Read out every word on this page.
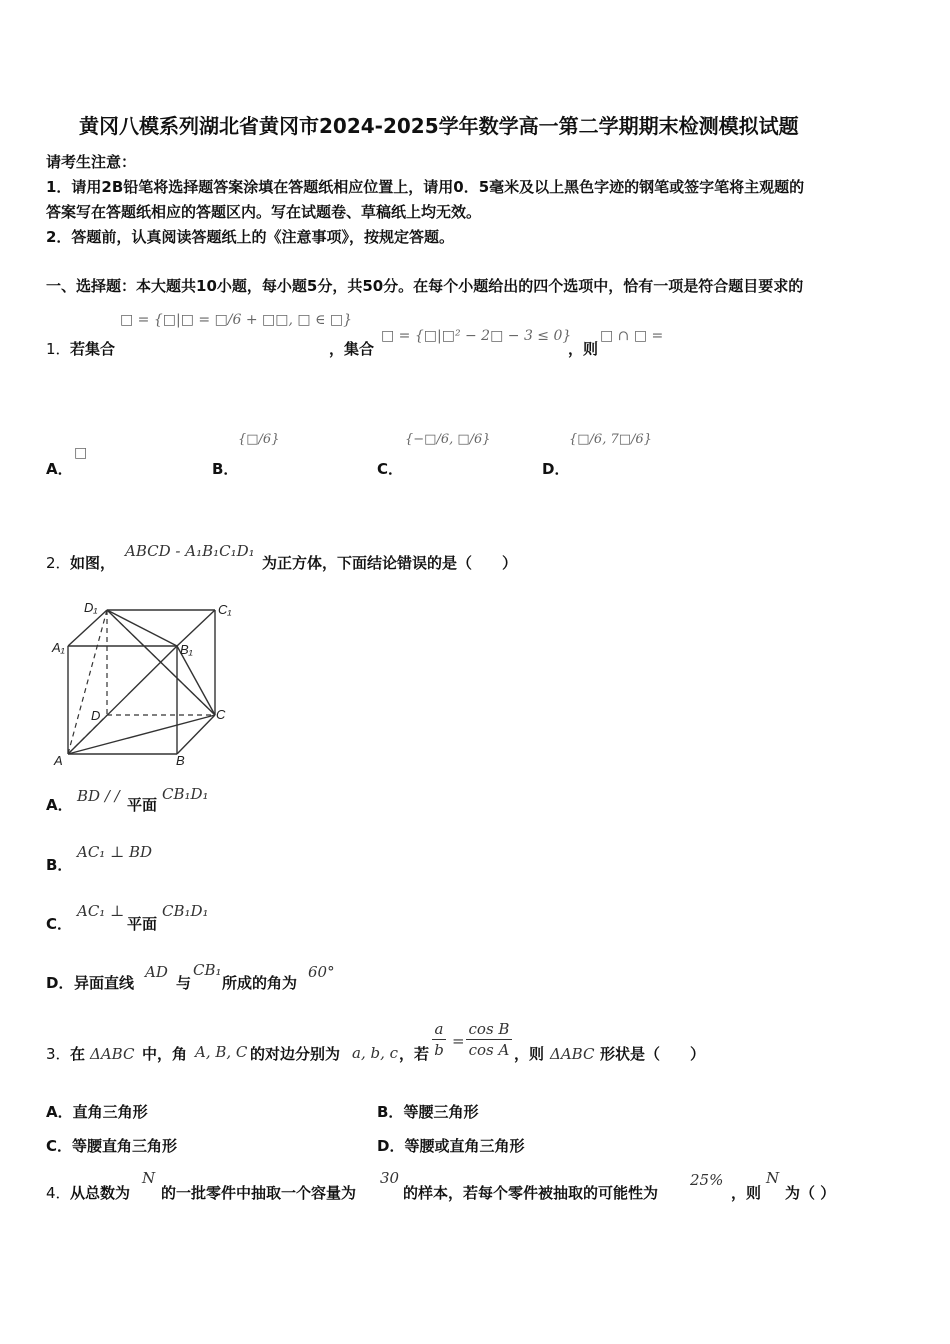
黄冈八模系列湖北省黄冈市2024-2025学年数学高一第二学期期末检测模拟试题
请考生注意：
1．请用2B铅笔将选择题答案涂填在答题纸相应位置上，请用0．5毫米及以上黑色字迹的钢笔或签字笔将主观题的
答案写在答题纸相应的答题区内。写在试题卷、草稿纸上均无效。
2．答题前，认真阅读答题纸上的《注意事项》，按规定答题。
一、选择题：本大题共10小题，每小题5分，共50分。在每个小题给出的四个选项中，恰有一项是符合题目要求的
1． 若集合
□ = {□|□ = □/6 + □□, □ ∈ □}
，集合
□ = {□|□² − 2□ − 3 ≤ 0}
，则
□ ∩ □ =
A．
□
B．
{□/6}
C．
{−□/6, □/6}
D．
{□/6, 7□/6}
2． 如图，
ABCD - A₁B₁C₁D₁
为正方体，下面结论错误的是（　　）
D₁	C₁
A₁	B₁
D	C
A	B
A． BD / / 平面
CB₁D₁
B．
AC₁ ⊥ BD
C．
AC₁ ⊥
平面
CB₁D₁
D． 异面直线
AD
与
CB₁
所成的角为
60°
3． 在 ΔABC 中，角 A, B, C 的对边分别为 a, b, c ，若
a
b =
cos B
cos A ，则 ΔABC 形状是（　　）
A．直角三角形	B．等腰三角形
C．等腰直角三角形	D．等腰或直角三角形
4． 从总数为
N
的一批零件中抽取一个容量为
30
的样本，若每个零件被抽取的可能性为
25%
，则
N
为（ ）
